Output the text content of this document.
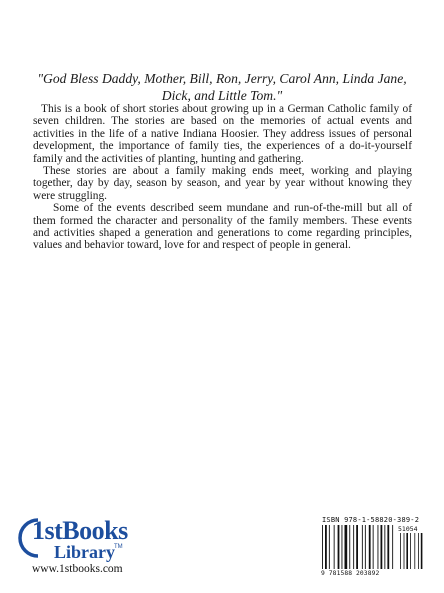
"God Bless Daddy, Mother, Bill, Ron, Jerry, Carol Ann, Linda Jane, Dick, and Little Tom."

This is a book of short stories about growing up in a German Catholic family of seven children. The stories are based on the memories of actual events and activities in the life of a native Indiana Hoosier. They address issues of personal development, the importance of family ties, the experiences of a do-it-yourself family and the activities of planting, hunting and gathering.

These stories are about a family making ends meet, working and playing together, day by day, season by season, and year by year without knowing they were struggling.

Some of the events described seem mundane and run-of-the-mill but all of them formed the character and personality of the family members. These events and activities shaped a generation and generations to come regarding principles, values and behavior toward, love for and respect of people in general.

1stBooks
Library TM
www.1stbooks.com
ISBN 978-1-58820-389-2
51054
9 781588 203892
